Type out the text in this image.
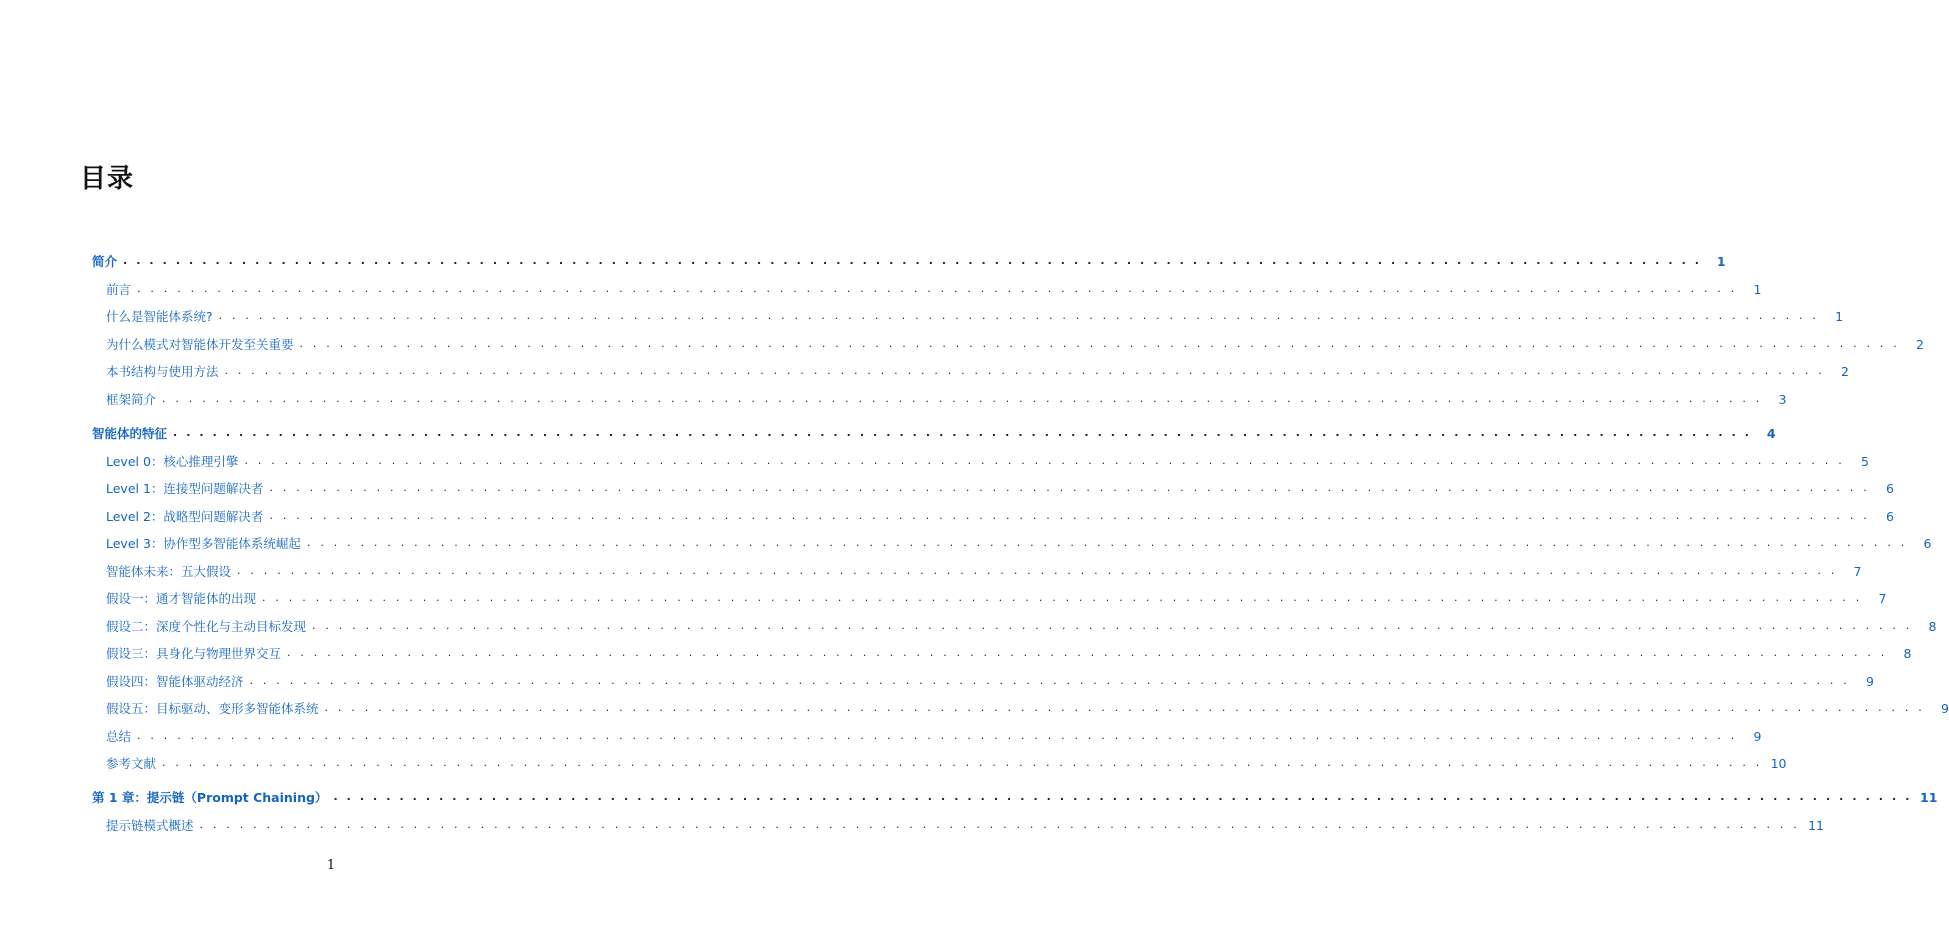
目录
简介 . . . . . . . . . . . . . . . . . . . . . . . . . . . . . . . . . . . . . . . . . . . . . . . . . . . . . . . . . . . . . . . . . . . . . . . . . . . . . . . . . . . . . . . . . . . . . . . . . . . . . . . . . . . . . . . . . . . . . . . .	1
前言 . . . . . . . . . . . . . . . . . . . . . . . . . . . . . . . . . . . . . . . . . . . . . . . . . . . . . . . . . . . . . . . . . . . . . . . . . . . . . . . . . . . . . . . . . . . . . . . . . . . . . . . . . . . . . . . . . . . . . . . .	1
什么是智能体系统? . . . . . . . . . . . . . . . . . . . . . . . . . . . . . . . . . . . . . . . . . . . . . . . . . . . . . . . . . . . . . . . . . . . . . . . . . . . . . . . . . . . . . . . . . . . . . . . . . . . . . . . . . . . . . . . . . . . . . . . .	1
为什么模式对智能体开发至关重要 . . . . . . . . . . . . . . . . . . . . . . . . . . . . . . . . . . . . . . . . . . . . . . . . . . . . . . . . . . . . . . . . . . . . . . . . . . . . . . . . . . . . . . . . . . . . . . . . . . . . . . . . . . . . . . . . . . . . . . . .	2
本书结构与使用方法 . . . . . . . . . . . . . . . . . . . . . . . . . . . . . . . . . . . . . . . . . . . . . . . . . . . . . . . . . . . . . . . . . . . . . . . . . . . . . . . . . . . . . . . . . . . . . . . . . . . . . . . . . . . . . . . . . . . . . . . .	2
框架简介 . . . . . . . . . . . . . . . . . . . . . . . . . . . . . . . . . . . . . . . . . . . . . . . . . . . . . . . . . . . . . . . . . . . . . . . . . . . . . . . . . . . . . . . . . . . . . . . . . . . . . . . . . . . . . . . . . . . . . . . .	3
智能体的特征 . . . . . . . . . . . . . . . . . . . . . . . . . . . . . . . . . . . . . . . . . . . . . . . . . . . . . . . . . . . . . . . . . . . . . . . . . . . . . . . . . . . . . . . . . . . . . . . . . . . . . . . . . . . . . . . . . . . . . . . .	4
Level 0：核心推理引擎 . . . . . . . . . . . . . . . . . . . . . . . . . . . . . . . . . . . . . . . . . . . . . . . . . . . . . . . . . . . . . . . . . . . . . . . . . . . . . . . . . . . . . . . . . . . . . . . . . . . . . . . . . . . . . . . . . . . . . . . .	5
Level 1：连接型问题解决者 . . . . . . . . . . . . . . . . . . . . . . . . . . . . . . . . . . . . . . . . . . . . . . . . . . . . . . . . . . . . . . . . . . . . . . . . . . . . . . . . . . . . . . . . . . . . . . . . . . . . . . . . . . . . . . . . . . . . . . . .	6
Level 2：战略型问题解决者 . . . . . . . . . . . . . . . . . . . . . . . . . . . . . . . . . . . . . . . . . . . . . . . . . . . . . . . . . . . . . . . . . . . . . . . . . . . . . . . . . . . . . . . . . . . . . . . . . . . . . . . . . . . . . . . . . . . . . . . .	6
Level 3：协作型多智能体系统崛起 . . . . . . . . . . . . . . . . . . . . . . . . . . . . . . . . . . . . . . . . . . . . . . . . . . . . . . . . . . . . . . . . . . . . . . . . . . . . . . . . . . . . . . . . . . . . . . . . . . . . . . . . . . . . . . . . . . . . . . . .	6
智能体未来：五大假设 . . . . . . . . . . . . . . . . . . . . . . . . . . . . . . . . . . . . . . . . . . . . . . . . . . . . . . . . . . . . . . . . . . . . . . . . . . . . . . . . . . . . . . . . . . . . . . . . . . . . . . . . . . . . . . . . . . . . . . . .	7
假设一：通才智能体的出现 . . . . . . . . . . . . . . . . . . . . . . . . . . . . . . . . . . . . . . . . . . . . . . . . . . . . . . . . . . . . . . . . . . . . . . . . . . . . . . . . . . . . . . . . . . . . . . . . . . . . . . . . . . . . . . . . . . . . . . . .	7
假设二：深度个性化与主动目标发现 . . . . . . . . . . . . . . . . . . . . . . . . . . . . . . . . . . . . . . . . . . . . . . . . . . . . . . . . . . . . . . . . . . . . . . . . . . . . . . . . . . . . . . . . . . . . . . . . . . . . . . . . . . . . . . . . . . . . . . . .	8
假设三：具身化与物理世界交互 . . . . . . . . . . . . . . . . . . . . . . . . . . . . . . . . . . . . . . . . . . . . . . . . . . . . . . . . . . . . . . . . . . . . . . . . . . . . . . . . . . . . . . . . . . . . . . . . . . . . . . . . . . . . . . . . . . . . . . . .	8
假设四：智能体驱动经济 . . . . . . . . . . . . . . . . . . . . . . . . . . . . . . . . . . . . . . . . . . . . . . . . . . . . . . . . . . . . . . . . . . . . . . . . . . . . . . . . . . . . . . . . . . . . . . . . . . . . . . . . . . . . . . . . . . . . . . . .	9
假设五：目标驱动、变形多智能体系统 . . . . . . . . . . . . . . . . . . . . . . . . . . . . . . . . . . . . . . . . . . . . . . . . . . . . . . . . . . . . . . . . . . . . . . . . . . . . . . . . . . . . . . . . . . . . . . . . . . . . . . . . . . . . . . . . . . . . . . . .	9
总结 . . . . . . . . . . . . . . . . . . . . . . . . . . . . . . . . . . . . . . . . . . . . . . . . . . . . . . . . . . . . . . . . . . . . . . . . . . . . . . . . . . . . . . . . . . . . . . . . . . . . . . . . . . . . . . . . . . . . . . . .	9
参考文献 . . . . . . . . . . . . . . . . . . . . . . . . . . . . . . . . . . . . . . . . . . . . . . . . . . . . . . . . . . . . . . . . . . . . . . . . . . . . . . . . . . . . . . . . . . . . . . . . . . . . . . . . . . . . . . . . . . . . . . . . 10
第 1 章：提示链（Prompt Chaining） . . . . . . . . . . . . . . . . . . . . . . . . . . . . . . . . . . . . . . . . . . . . . . . . . . . . . . . . . . . . . . . . . . . . . . . . . . . . . . . . . . . . . . . . . . . . . . . . . . . . . . . . . . . . . . . . . . . . . . . . 11
提示链模式概述 . . . . . . . . . . . . . . . . . . . . . . . . . . . . . . . . . . . . . . . . . . . . . . . . . . . . . . . . . . . . . . . . . . . . . . . . . . . . . . . . . . . . . . . . . . . . . . . . . . . . . . . . . . . . . . . . . . . . . . . . 11
1
